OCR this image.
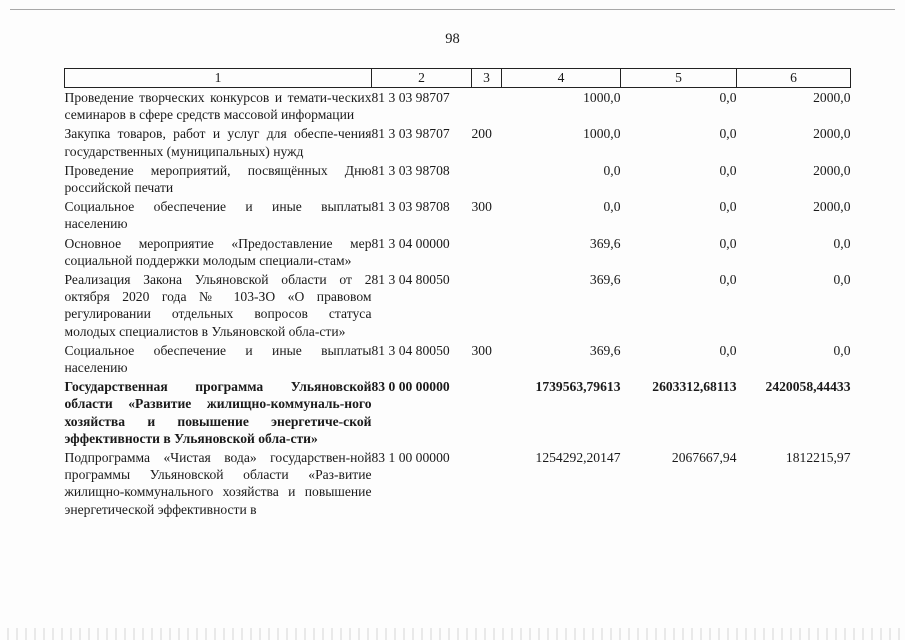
98
1	2	3	4	5	6
Проведение творческих конкурсов и темати-ческих семинаров в сфере средств массовой информации	81 3 03 98707		1000,0	0,0	2000,0
Закупка товаров, работ и услуг для обеспе-чения государственных (муниципальных) нужд	81 3 03 98707	200	1000,0	0,0	2000,0
Проведение мероприятий, посвящённых Дню российской печати	81 3 03 98708		0,0	0,0	2000,0
Социальное обеспечение и иные выплаты населению	81 3 03 98708	300	0,0	0,0	2000,0
Основное мероприятие «Предоставление мер социальной поддержки молодым специали-стам»	81 3 04 00000		369,6	0,0	0,0
Реализация Закона Ульяновской области от 2 октября 2020 года № 103-ЗО «О правовом регулировании отдельных вопросов статуса молодых специалистов в Ульяновской обла-сти»	81 3 04 80050		369,6	0,0	0,0
Социальное обеспечение и иные выплаты населению	81 3 04 80050	300	369,6	0,0	0,0
Государственная программа Ульяновской области «Развитие жилищно-коммуналь-ного хозяйства и повышение энергетиче-ской эффективности в Ульяновской обла-сти»	83 0 00 00000		1739563,79613	2603312,68113	2420058,44433
Подпрограмма «Чистая вода» государствен-ной программы Ульяновской области «Раз-витие жилищно-коммунального хозяйства и повышение энергетической эффективности в	83 1 00 00000		1254292,20147	2067667,94	1812215,97
